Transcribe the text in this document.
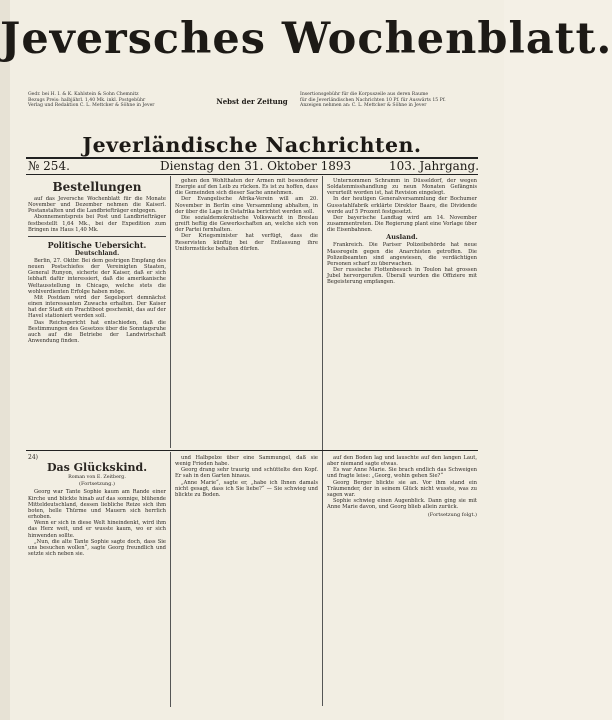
Jeversches Wochenblatt.
Gedr. bei H. I. & K. Kahlstein & Sohn Chemnitz
Bezugs Preis: halbjährl. 1,40 Mk. inkl. Postgebühr
Verlag und Redaktion C. L. Mettcker & Söhne in Jever	Nebst der Zeitung
Insertionsgebühr für die Korpuszeile aus deren Raume
für die Jeverländischen Nachrichten 10 Pf. für Auswärts 15 Pf.
Anzeigen nehmen an: C. L. Mettcker & Söhne in Jever
Jeverländische Nachrichten.
№ 254.	Dienstag den 31. Oktober 1893	103. Jahrgang.
Bestellungen

auf das Jeversche Wochenblatt für die Monate November und Dezember nehmen die Kaiserl. Postanstalten und die Landbriefträger entgegen.

Abonnementspreis bei Post und Landbriefträger festbestellt 1,64 Mk., bei der Expedition zum Bringen ins Haus 1,40 Mk.

Politische Uebersicht.
Deutschland.

Berlin, 27. Oktbr. Bei dem gestrigen Empfang des neuen Postschiefes der Vereinigten Staaten, General Runyon, sicherte der Kaiser, daß er sich lebhaft dafür interessiert, daß die amerikanische Weltausstellung in Chicago, welche stets die wohlverdienten Erfolge haben möge.

Mit Postdam wird der Segelsport demnächst einen interessanten Zuwachs erhalten. Der Kaiser hat der Stadt ein Prachtboot geschenkt, das auf der Havel stationiert werden soll.

Das Reichsgericht hat entschieden, daß die Bestimmungen des Gesetzes über die Sonntagsruhe auch auf die Betriebe der Landwirtschaft Anwendung finden.

gehen den Wohlthaten der Armen mit besonderer Energie auf den Leib zu rücken. Es ist zu hoffen, dass die Gemeinden sich dieser Sache annehmen.

Der Evangelische Afrika-Verein will am 20. November in Berlin eine Versammlung abhalten, in der über die Lage in Ostafrika berichtet werden soll.

Die sozialdemokratische Volkswacht in Breslau greift heftig die Gewerkschaften an, welche sich von der Partei fernhalten.

Der Kriegsminister hat verfügt, dass die Reservisten künftig bei der Entlassung ihre Uniformstücke behalten dürfen.

Unternommen Schramm in Düsseldorf, der wegen Soldatenmisshandlung zu neun Monaten Gefängnis verurteilt worden ist, hat Revision eingelegt.

In der heutigen Generalversammlung der Bochumer Gussstahlfabrik erklärte Direktor Baare, die Dividende werde auf 5 Prozent festgesetzt.

Der bayerische Landtag wird am 14. November zusammentreten. Die Regierung plant eine Vorlage über die Eisenbahnen.

Ausland.

Frankreich. Die Pariser Polizeibehörde hat neue Massregeln gegen die Anarchisten getroffen. Die Polizeibeamten sind angewiesen, die verdächtigen Personen scharf zu überwachen.

Der russische Flottenbesuch in Toulon hat grossen Jubel hervorgerufen. Überall wurden die Offiziere mit Begeisterung empfangen.

24)
Das Glückskind.
Roman von E. Zeitberg.
(Fortsetzung.)

Georg war Tante Sophie kaum am Rande einer Kirche und blickte hinab auf das sonnige, blühende Mitteldeutschland, dessen liebliche Reize sich ihm boten, helle Thürme und Mauern sich herrlich erhoben.

Wenn er sich in diese Welt hineindenkt, wird ihm das Herz weit, und er wusste kaum, wo er sich hinwenden sollte.

„Nun, die alte Tante Sophie sagte doch, dass Sie uns besuchen wollen“, sagte Georg freundlich und setzte sich neben sie.

und Halbpelze über eine Sammungel, daß sie wenig Frieden habe.

Georg drang sehr traurig und schüttelte den Kopf. Er sah in den Garten hinaus.

„Anne Marie“, sagte er, „habe ich Ihnen damals nicht gesagt, dass ich Sie liebe?“ — Sie schwieg und blickte zu Boden.

auf den Boden lag und lauschte auf den langen Laut, aber niemand sagte etwas.

Es war Anne Marie. Sie brach endlich das Schweigen und fragte leise: „Georg, wohin gehen Sie?“

Georg Berger blickte sie an. Vor ihm stand ein Träumender, der in seinem Glück nicht wusste, was zu sagen war.

Sophie schwieg einen Augenblick. Dann ging sie mit Anne Marie davon, und Georg blieb allein zurück.

(Fortsetzung folgt.)
